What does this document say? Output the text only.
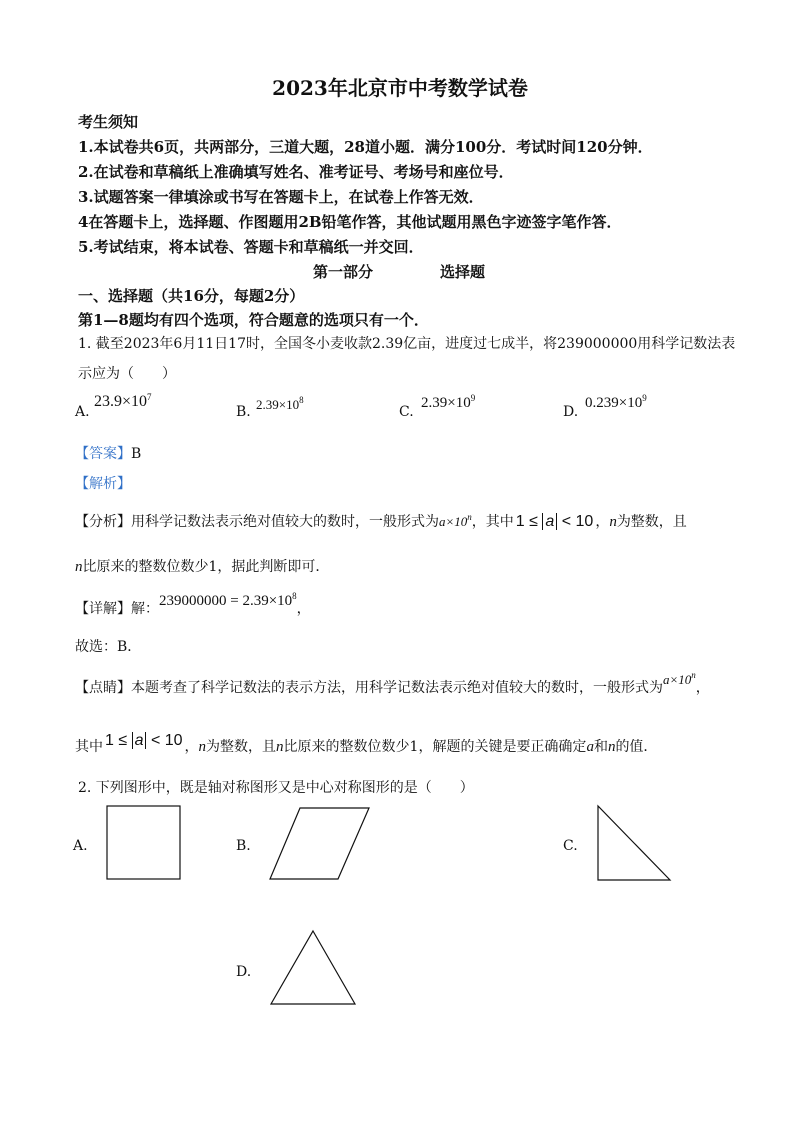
2023年北京市中考数学试卷
考生须知
1.本试卷共6页，共两部分，三道大题，28道小题．满分100分．考试时间120分钟．
2.在试卷和草稿纸上准确填写姓名、准考证号、考场号和座位号．
3.试题答案一律填涂或书写在答题卡上，在试卷上作答无效．
4在答题卡上，选择题、作图题用2B铅笔作答，其他试题用黑色字迹签字笔作答．
5.考试结束，将本试卷、答题卡和草稿纸一并交回．
第一部分	选择题
一、选择题（共16分，每题2分）
第1—8题均有四个选项，符合题意的选项只有一个．
1. 截至2023年6月11日17时，全国冬小麦收款2.39亿亩，进度过七成半，将239000000用科学记数法表
示应为（　　）
A.
$23.9\times 10^7$
B. $2.39\times 10^8$
C.
$2.39\times 10^9$
D.
$0.239\times 10^9$
【答案】B
【解析】
【分析】用科学记数法表示绝对值较大的数时，一般形式为$a\times 10^n$，其中 1 ≤ a < 10 ，n为整数，且
n比原来的整数位数少1，据此判断即可．
【详解】解：$239000000 = 2.39\times 10^8$，
故选：B．
【点睛】本题考查了科学记数法的表示方法，用科学记数法表示绝对值较大的数时，一般形式为$a\times 10^n$，
其中 1 ≤ a < 10 ，n为整数，且n比原来的整数位数少1，解题的关键是要正确确定a和n的值．
2. 下列图形中，既是轴对称图形又是中心对称图形的是（　　）
A.	B.	C.
D.
